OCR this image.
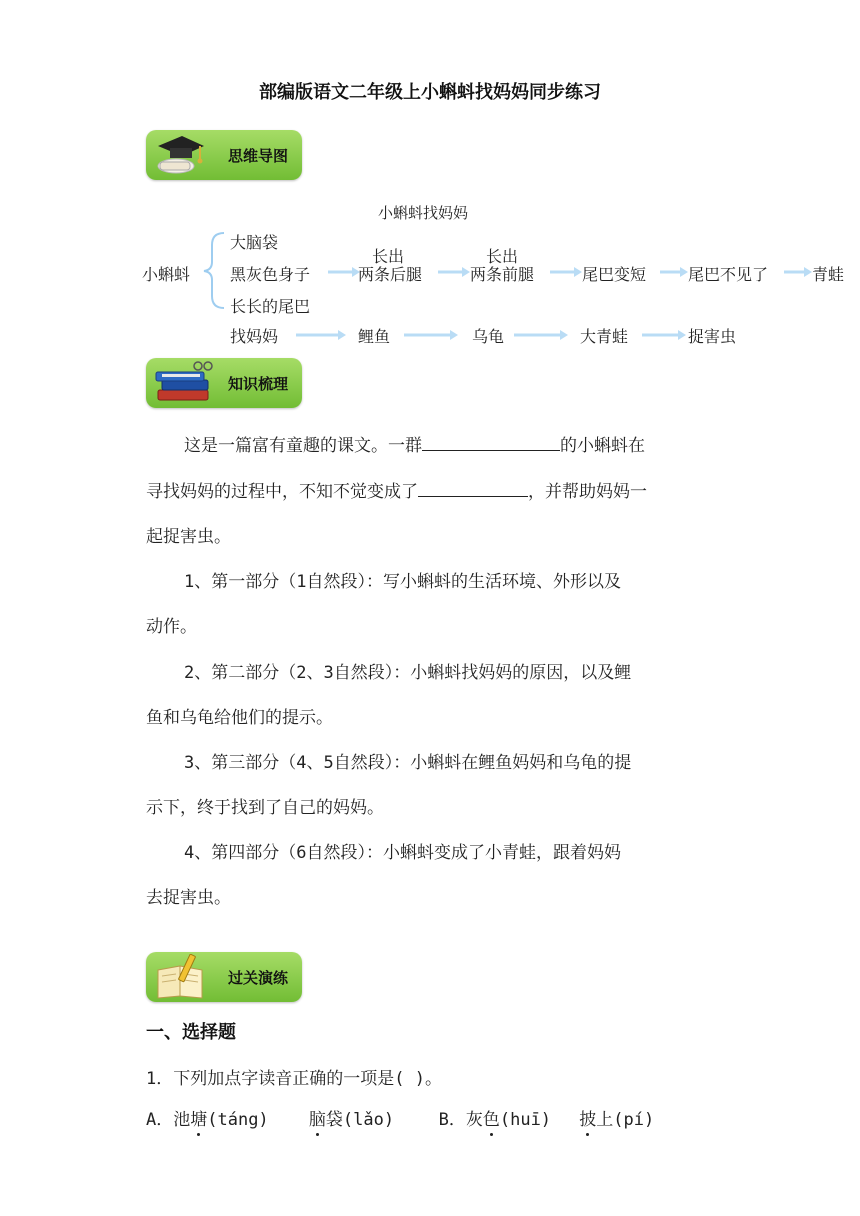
部编版语文二年级上小蝌蚪找妈妈同步练习
思维导图
小蝌蚪找妈妈
小蝌蚪
大脑袋
黑灰色身子
长长的尾巴
长出	长出
两条后腿	两条前腿	尾巴变短	尾巴不见了	青蛙
找妈妈	鲤鱼	乌龟	大青蛙	捉害虫
知识梳理
这是一篇富有童趣的课文。一群	的小蝌蚪在
寻找妈妈的过程中，不知不觉变成了	，并帮助妈妈一
起捉害虫。
1、第一部分（1自然段）：写小蝌蚪的生活环境、外形以及
动作。
2、第二部分（2、3自然段）：小蝌蚪找妈妈的原因，以及鲤
鱼和乌龟给他们的提示。
3、第三部分（4、5自然段）：小蝌蚪在鲤鱼妈妈和乌龟的提
示下，终于找到了自己的妈妈。
4、第四部分（6自然段）：小蝌蚪变成了小青蛙，跟着妈妈
去捉害虫。
过关演练
一、选择题
1．下列加点字读音正确的一项是( )。
A．池塘(táng) 脑袋(lǎo)	B．灰色(huī) 披上(pí)
